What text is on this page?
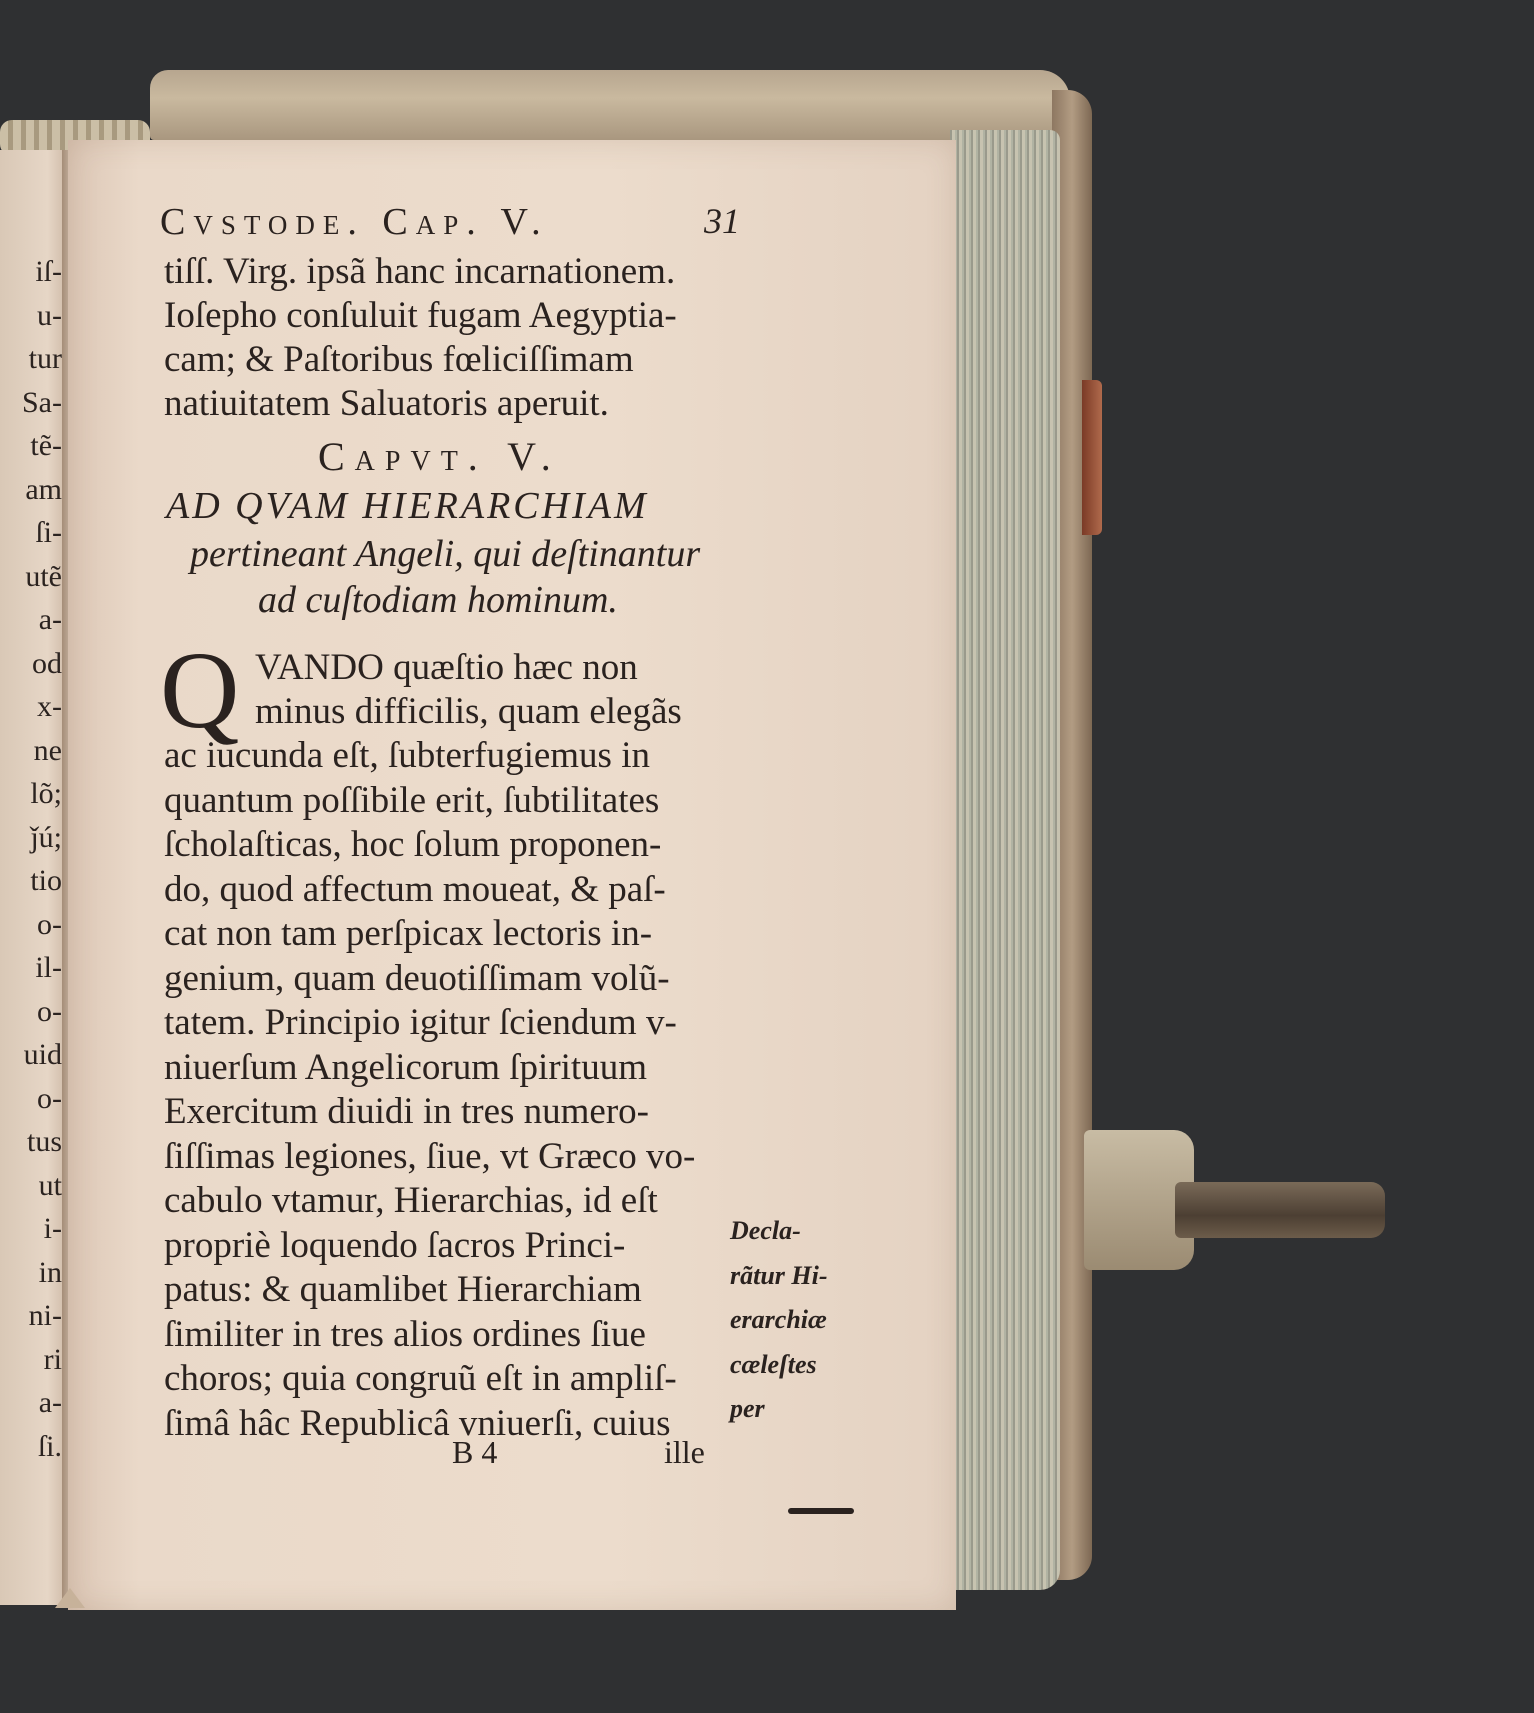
iſ-
u-
tur
Sa-
tẽ-
am
ſi-
utẽ
a-
od
x-
ne
lõ;
ǰú;
tio
o-
il-
o-
uid
o-
tus
ut
i-
in
ni-
ri
a-
ſi.
Cvstode. Cap. V.	31
tiſſ. Virg. ipsã hanc incarnationem.
Ioſepho conſuluit fugam Aegyptia-
cam; & Paſtoribus fœliciſſimam
natiuitatem Saluatoris aperuit.
Capvt. V.
AD QVAM HIERARCHIAM
pertineant Angeli, qui deſtinantur
ad cuſtodiam hominum.
Q VANDO quæſtio hæc non
minus difficilis, quam elegãs
ac iucunda eſt, ſubterfugiemus in
quantum poſſibile erit, ſubtilitates
ſcholaſticas, hoc ſolum proponen-
do, quod affectum moueat, & paſ-
cat non tam perſpicax lectoris in-
genium, quam deuotiſſimam volũ-
tatem. Principio igitur ſciendum v-
niuerſum Angelicorum ſpirituum
Exercitum diuidi in tres numero-
ſiſſimas legiones, ſiue, vt Græco vo-
cabulo vtamur, Hierarchias, id eſt
propriè loquendo ſacros Princi-
patus: & quamlibet Hierarchiam
ſimiliter in tres alios ordines ſiue
choros; quia congruũ eſt in ampliſ-
ſimâ hâc Republicâ vniuerſi, cuius
Decla-
rãtur Hi-
erarchiæ
cæleſtes
per
B 4	ille
